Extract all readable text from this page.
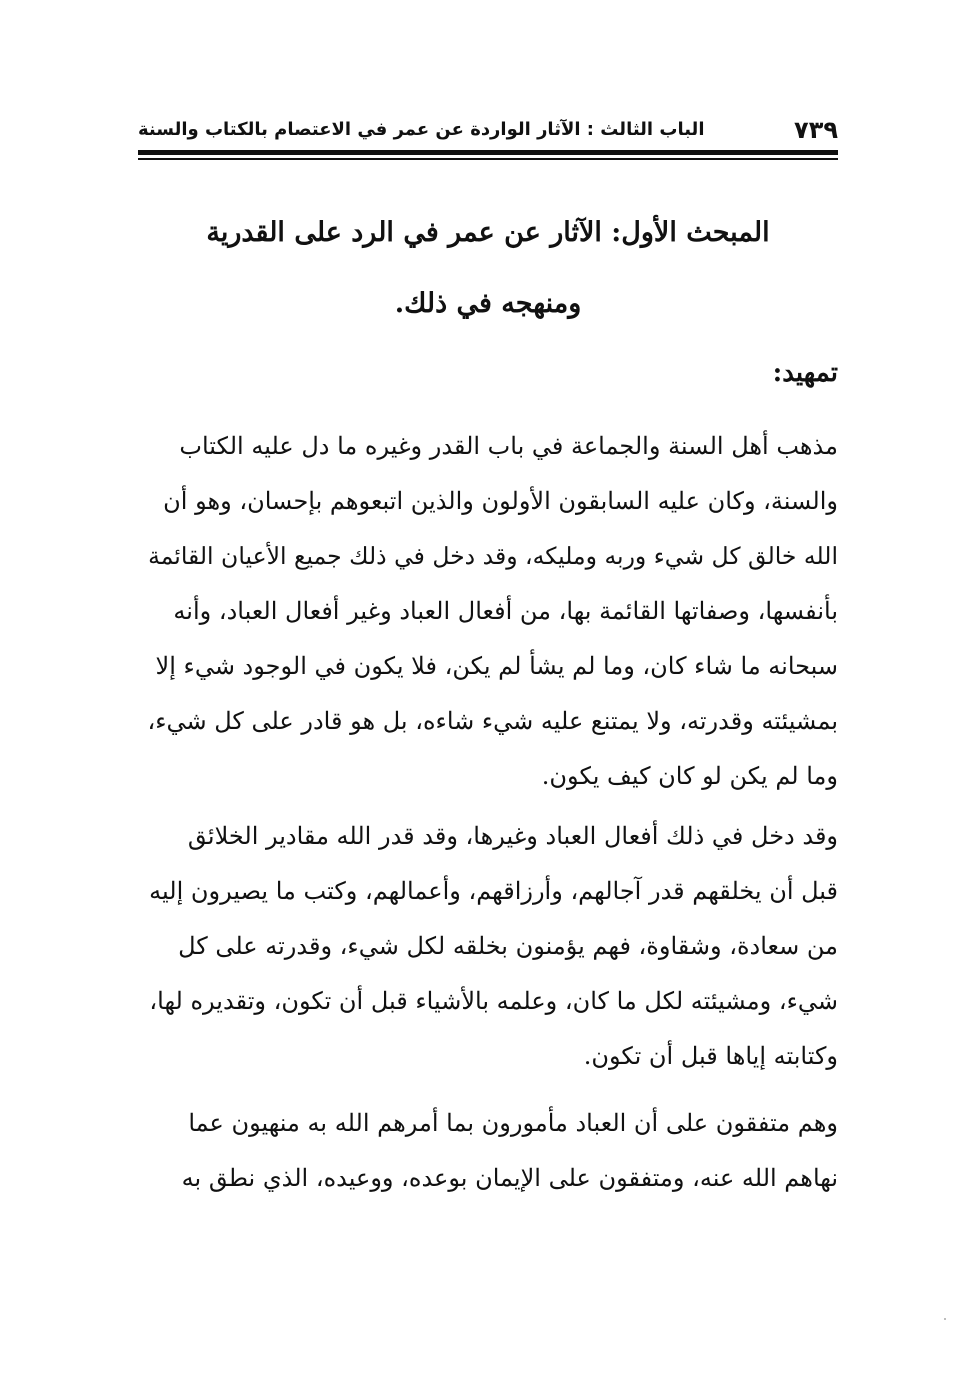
٧٣٩
الباب الثالث : الآثار الواردة عن عمر في الاعتصام بالكتاب والسنة
المبحث الأول: الآثار عن عمر في الرد على القدرية
ومنهجه في ذلك.
تمهيد:
مذهب أهل السنة والجماعة في باب القدر وغيره ما دل عليه الكتاب
والسنة، وكان عليه السابقون الأولون والذين اتبعوهم بإحسان، وهو أن
الله خالق كل شيء وربه ومليكه، وقد دخل في ذلك جميع الأعيان القائمة
بأنفسها، وصفاتها القائمة بها، من أفعال العباد وغير أفعال العباد، وأنه
سبحانه ما شاء كان، وما لم يشأ لم يكن، فلا يكون في الوجود شيء إلا
بمشيئته وقدرته، ولا يمتنع عليه شيء شاءه، بل هو قادر على كل شيء،
وما لم يكن لو كان كيف يكون.
وقد دخل في ذلك أفعال العباد وغيرها، وقد قدر الله مقادير الخلائق
قبل أن يخلقهم قدر آجالهم، وأرزاقهم، وأعمالهم، وكتب ما يصيرون إليه
من سعادة، وشقاوة، فهم يؤمنون بخلقه لكل شيء، وقدرته على كل
شيء، ومشيئته لكل ما كان، وعلمه بالأشياء قبل أن تكون، وتقديره لها،
وكتابته إياها قبل أن تكون.
وهم متفقون على أن العباد مأمورون بما أمرهم الله به منهيون عما
نهاهم الله عنه، ومتفقون على الإيمان بوعده، ووعيده، الذي نطق به
